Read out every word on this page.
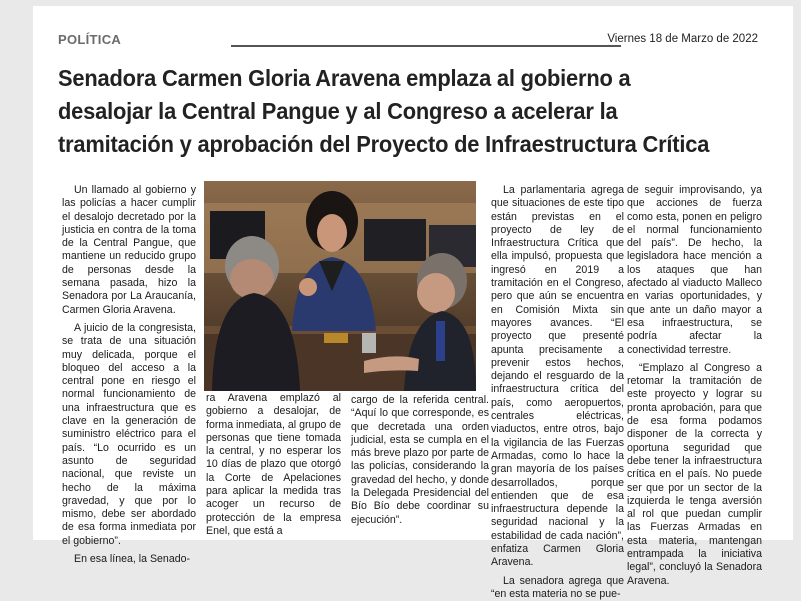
POLÍTICA	Viernes 18 de Marzo de 2022
Senadora Carmen Gloria Aravena emplaza al gobierno a
desalojar la Central Pangue y al Congreso a acelerar la
tramitación y aprobación del Proyecto de Infraestructura Crítica

Un llamado al gobierno y las policías a hacer cumplir el desalojo decretado por la justicia en contra de la toma de la Central Pangue, que mantiene un reducido grupo de personas desde la semana pasada, hizo la Senadora por La Araucanía, Carmen Gloria Aravena.

A juicio de la congresista, se trata de una situación muy delicada, porque el bloqueo del acceso a la central pone en riesgo el normal funcionamiento de una infraestructura que es clave en la generación de suministro eléctrico para el país. “Lo ocurrido es un asunto de seguridad nacional, que reviste un hecho de la máxima gravedad, y que por lo mismo, debe ser abordado de esa forma inmediata por el gobierno”.

En esa línea, la Senado-

ra Aravena emplazó al gobierno a desalojar, de forma inmediata, al grupo de personas que tiene tomada la central, y no esperar los 10 días de plazo que otorgó la Corte de Apelaciones para aplicar la medida tras acoger un recurso de protección de la empresa Enel, que está a

cargo de la referida central. “Aquí lo que corresponde, es que decretada una orden judicial, esta se cumpla en el más breve plazo por parte de las policías, considerando la gravedad del hecho, y donde la Delegada Presidencial del Bío Bío debe coordinar su ejecución”.

La parlamentaria agrega que situaciones de este tipo están previstas en el proyecto de ley de Infraestructura Crítica que ella impulsó, propuesta que ingresó en 2019 a tramitación en el Congreso, pero que aún se encuentra en Comisión Mixta sin mayores avances. “El proyecto que presenté apunta precisamente a prevenir estos hechos, dejando el resguardo de la infraestructura crítica del país, como aeropuertos, centrales eléctricas, viaductos, entre otros, bajo la vigilancia de las Fuerzas Armadas, como lo hace la gran mayoría de los países desarrollados, porque entienden que de esa infraestructura depende la seguridad nacional y la estabilidad de cada nación”, enfatiza Carmen Gloria Aravena.

La senadora agrega que “en esta materia no se pue-

de seguir improvisando, ya que acciones de fuerza como esta, ponen en peligro el normal funcionamiento del país”. De hecho, la legisladora hace mención a los ataques que han afectado al viaducto Malleco en varias oportunidades, y que ante un daño mayor a esa infraestructura, se podría afectar la conectividad terrestre.

“Emplazo al Congreso a retomar la tramitación de este proyecto y lograr su pronta aprobación, para que de esa forma podamos disponer de la correcta y oportuna seguridad que debe tener la infraestructura crítica en el país. No puede ser que por un sector de la izquierda le tenga aversión al rol que puedan cumplir las Fuerzas Armadas en esta materia, mantengan entrampada la iniciativa legal”, concluyó la Senadora Aravena.
